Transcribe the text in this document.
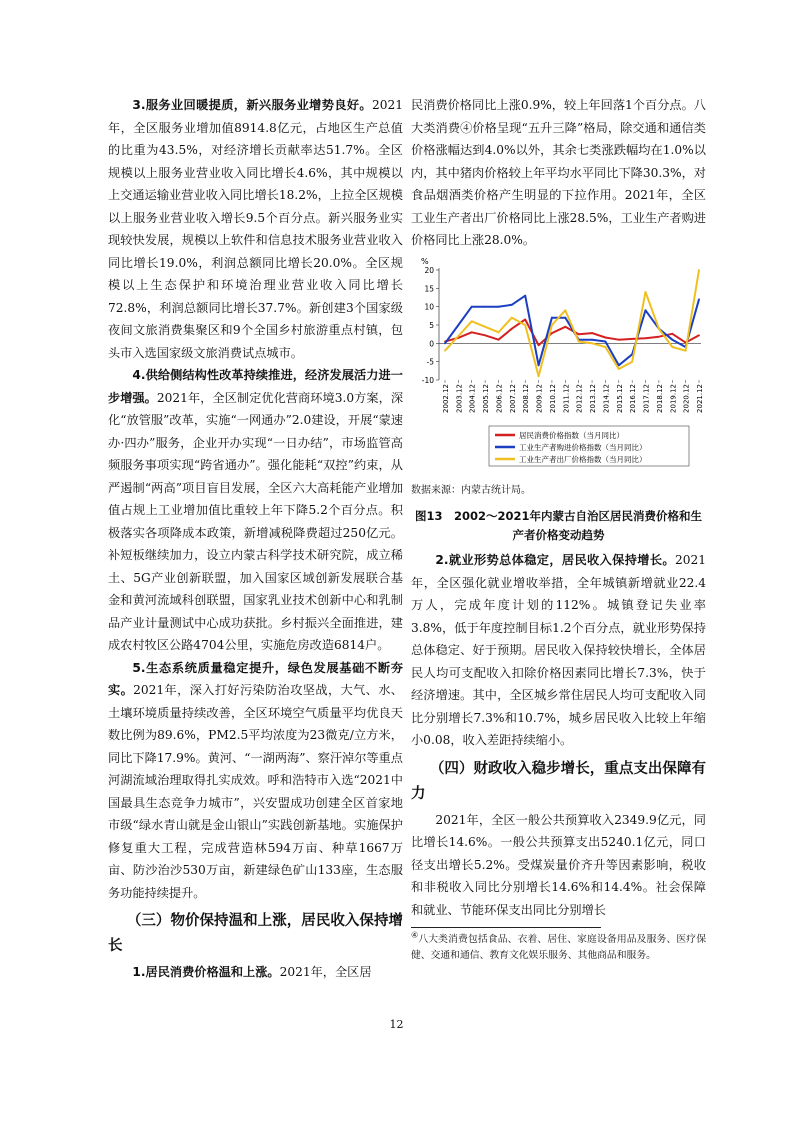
3.服务业回暖提质，新兴服务业增势良好。2021年，全区服务业增加值8914.8亿元，占地区生产总值的比重为43.5%，对经济增长贡献率达51.7%。全区规模以上服务业营业收入同比增长4.6%，其中规模以上交通运输业营业收入同比增长18.2%，上拉全区规模以上服务业营业收入增长9.5个百分点。新兴服务业实现较快发展，规模以上软件和信息技术服务业营业收入同比增长19.0%，利润总额同比增长20.0%。全区规模以上生态保护和环境治理业营业收入同比增长72.8%，利润总额同比增长37.7%。新创建3个国家级夜间文旅消费集聚区和9个全国乡村旅游重点村镇，包头市入选国家级文旅消费试点城市。

4.供给侧结构性改革持续推进，经济发展活力进一步增强。2021年，全区制定优化营商环境3.0方案，深化“放管服”改革，实施“一网通办”2.0建设，开展“蒙速办·四办”服务，企业开办实现“一日办结”，市场监管高频服务事项实现“跨省通办”。强化能耗“双控”约束，从严遏制“两高”项目盲目发展，全区六大高耗能产业增加值占规上工业增加值比重较上年下降5.2个百分点。积极落实各项降成本政策，新增减税降费超过250亿元。补短板继续加力，设立内蒙古科学技术研究院，成立稀土、5G产业创新联盟，加入国家区域创新发展联合基金和黄河流域科创联盟，国家乳业技术创新中心和乳制品产业计量测试中心成功获批。乡村振兴全面推进，建成农村牧区公路4704公里，实施危房改造6814户。

5.生态系统质量稳定提升，绿色发展基础不断夯实。2021年，深入打好污染防治攻坚战，大气、水、土壤环境质量持续改善，全区环境空气质量平均优良天数比例为89.6%，PM2.5平均浓度为23微克/立方米，同比下降17.9%。黄河、“一湖两海”、察汗淖尔等重点河湖流域治理取得扎实成效。呼和浩特市入选“2021中国最具生态竞争力城市”，兴安盟成功创建全区首家地市级“绿水青山就是金山银山”实践创新基地。实施保护修复重大工程，完成营造林594万亩、种草1667万亩、防沙治沙530万亩，新建绿色矿山133座，生态服务功能持续提升。

（三）物价保持温和上涨，居民收入保持增长

1.居民消费价格温和上涨。2021年，全区居

民消费价格同比上涨0.9%，较上年回落1个百分点。八大类消费④价格呈现“五升三降”格局，除交通和通信类价格涨幅达到4.0%以外，其余七类涨跌幅均在1.0%以内，其中猪肉价格较上年平均水平同比下降30.3%，对食品烟酒类价格产生明显的下拉作用。2021年，全区工业生产者出厂价格同比上涨28.5%，工业生产者购进价格同比上涨28.0%。

%
-10
-5
0
5
10
15
20
2002.12 2003.12 2004.12 2005.12 2006.12 2007.12 2008.12 2009.12 2010.12 2011.12 2012.12 2013.12 2014.12 2015.12 2016.12 2017.12 2018.12 2019.12 2020.12 2021.12
居民消费价格指数（当月同比）
工业生产者购进价格指数（当月同比）
工业生产者出厂价格指数（当月同比）

数据来源：内蒙古统计局。

图13　2002～2021年内蒙古自治区居民消费价格和生产者价格变动趋势

2.就业形势总体稳定，居民收入保持增长。2021年，全区强化就业增收举措，全年城镇新增就业22.4万人，完成年度计划的112%。城镇登记失业率3.8%，低于年度控制目标1.2个百分点，就业形势保持总体稳定、好于预期。居民收入保持较快增长，全体居民人均可支配收入扣除价格因素同比增长7.3%，快于经济增速。其中，全区城乡常住居民人均可支配收入同比分别增长7.3%和10.7%，城乡居民收入比较上年缩小0.08，收入差距持续缩小。

（四）财政收入稳步增长，重点支出保障有力

2021年，全区一般公共预算收入2349.9亿元，同比增长14.6%。一般公共预算支出5240.1亿元，同口径支出增长5.2%。受煤炭量价齐升等因素影响，税收和非税收入同比分别增长14.6%和14.4%。社会保障和就业、节能环保支出同比分别增长

④八大类消费包括食品、衣着、居住、家庭设备用品及服务、医疗保健、交通和通信、教育文化娱乐服务、其他商品和服务。

12
